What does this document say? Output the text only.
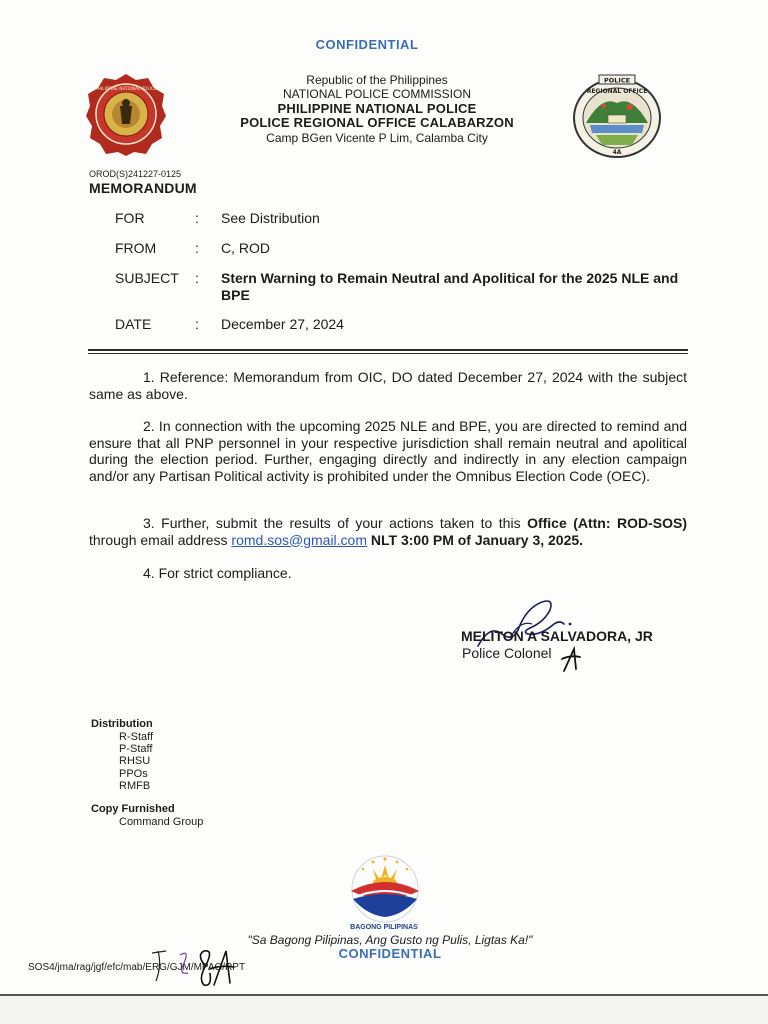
CONFIDENTIAL
PHILIPPINE NATIONAL POLICE
Republic of the Philippines
NATIONAL POLICE COMMISSION
PHILIPPINE NATIONAL POLICE
POLICE REGIONAL OFFICE CALABARZON
Camp BGen Vicente P Lim, Calamba City
POLICE
REGIONAL OFFICE
4A
OROD(S)241227-0125
MEMORANDUM
FOR	:	See Distribution
FROM	:	C, ROD
SUBJECT	:	Stern Warning to Remain Neutral and Apolitical for the 2025 NLE and BPE
DATE	:	December 27, 2024

1. Reference: Memorandum from OIC, DO dated December 27, 2024 with the subject same as above.

2. In connection with the upcoming 2025 NLE and BPE, you are directed to remind and ensure that all PNP personnel in your respective jurisdiction shall remain neutral and apolitical during the election period. Further, engaging directly and indirectly in any election campaign and/or any Partisan Political activity is prohibited under the Omnibus Election Code (OEC).

3. Further, submit the results of your actions taken to this Office (Attn: ROD-SOS) through email address romd.sos@gmail.com NLT 3:00 PM of January 3, 2025.

4. For strict compliance.

MELITON A SALVADORA, JR
Police Colonel
Distribution
R-Staff
P-Staff
RHSU
PPOs
RMFB
Copy Furnished
Command Group
BAGONG PILIPINAS
"Sa Bagong Pilipinas, Ang Gusto ng Pulis, Ligtas Ka!"
CONFIDENTIAL
SOS4/jma/rag/jgf/efc/mab/ERG/GJM/MPAG/RPT
